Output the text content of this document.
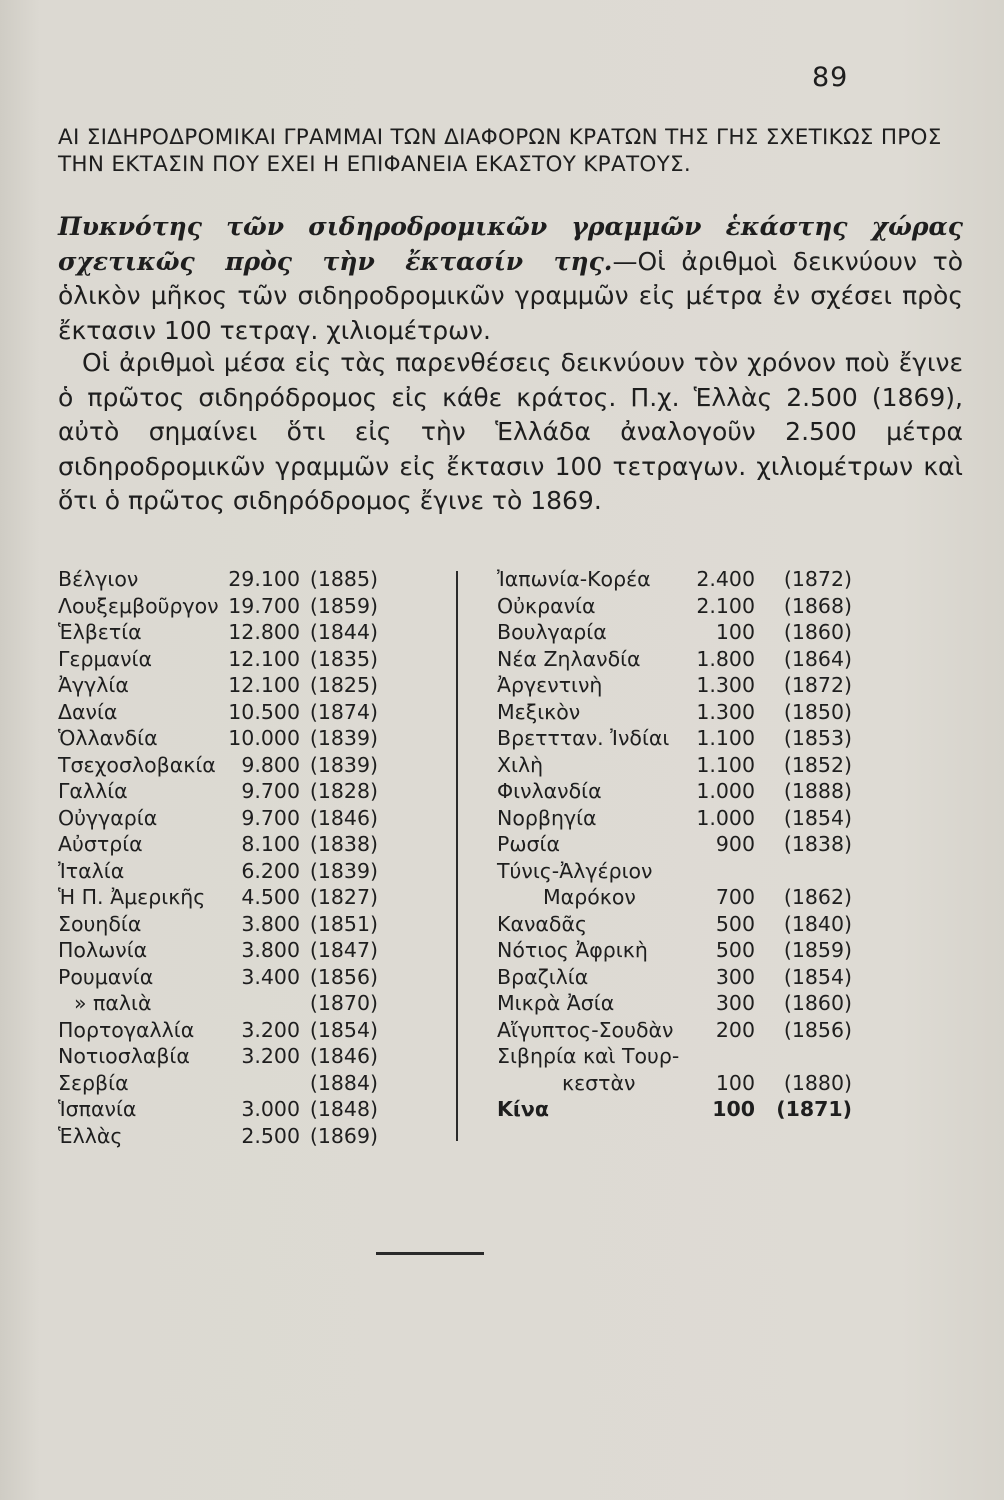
89
ΑΙ ΣΙΔΗΡΟΔΡΟΜΙΚΑΙ ΓΡΑΜΜΑΙ ΤΩΝ ΔΙΑΦΟΡΩΝ ΚΡΑΤΩΝ ΤΗΣ ΓΗΣ ΣΧΕΤΙΚΩΣ ΠΡΟΣ ΤΗΝ ΕΚΤΑΣΙΝ ΠΟΥ ΕΧΕΙ Η ΕΠΙΦΑΝΕΙΑ ΕΚΑΣΤΟΥ ΚΡΑΤΟΥΣ.
Πυκνότης τῶν σιδηροδρομικῶν γραμμῶν ἑκάστης χώρας σχετικῶς πρὸς τὴν ἔκτασίν της.—Οἱ ἀριθμοὶ δεικνύουν τὸ ὁλικὸν μῆκος τῶν σιδηροδρομικῶν γραμμῶν εἰς μέτρα ἐν σχέσει πρὸς ἔκτασιν 100 τετραγ. χιλιομέτρων.
Οἱ ἀριθμοὶ μέσα εἰς τὰς παρενθέσεις δεικνύουν τὸν χρόνον ποὺ ἔγινε ὁ πρῶτος σιδηρόδρομος εἰς κάθε κράτος. Π.χ. Ἑλλὰς 2.500 (1869), αὐτὸ σημαίνει ὅτι εἰς τὴν Ἑλλάδα ἀναλογοῦν 2.500 μέτρα σιδηροδρομικῶν γραμμῶν εἰς ἔκτασιν 100 τετραγων. χιλιομέτρων καὶ ὅτι ὁ πρῶτος σιδηρόδρομος ἔγινε τὸ 1869.
Βέλγιον	29.100 (1885)
Λουξεμβοῦργον 19.700 (1859)
Ἑλβετία	12.800 (1844)
Γερμανία	12.100 (1835)
Ἀγγλία	12.100 (1825)
Δανία	10.500 (1874)
Ὁλλανδία	10.000 (1839)
Τσεχοσλοβακία 9.800 (1839)
Γαλλία	9.700 (1828)
Οὐγγαρία	9.700 (1846)
Αὐστρία	8.100 (1838)
Ἰταλία	6.200 (1839)
Ἡ Π. Ἀμερικῆς 4.500 (1827)
Σουηδία	3.800 (1851)
Πολωνία	3.800 (1847)
Ρουμανία	3.400 (1856)
» παλιὰ	(1870)
Πορτογαλλία 3.200 (1854)
Νοτιοσλαβία	3.200 (1846)
Σερβία	(1884)
Ἱσπανία	3.000 (1848)
Ἑλλὰς	2.500 (1869)
Ἰαπωνία-Κορέα 2.400 (1872)
Οὐκρανία	2.100 (1868)
Βουλγαρία	100 (1860)
Νέα Ζηλανδία	1.800 (1864)
Ἀργεντινὴ	1.300 (1872)
Μεξικὸν	1.300 (1850)
Βρεττταν. Ἰνδίαι 1.100 (1853)
Χιλὴ	1.100 (1852)
Φινλανδία	1.000 (1888)
Νορβηγία	1.000 (1854)
Ρωσία	900 (1838)
Τύνις-Ἀλγέριον
Μαρόκον	700 (1862)
Καναδᾶς	500 (1840)
Νότιος Ἀφρικὴ	500 (1859)
Βραζιλία	300 (1854)
Μικρὰ Ἀσία	300 (1860)
Αἴγυπτος-Σουδὰν 200 (1856)
Σιβηρία καὶ Τουρ-
κεστὰν	100 (1880)
Κίνα	100 (1871)
